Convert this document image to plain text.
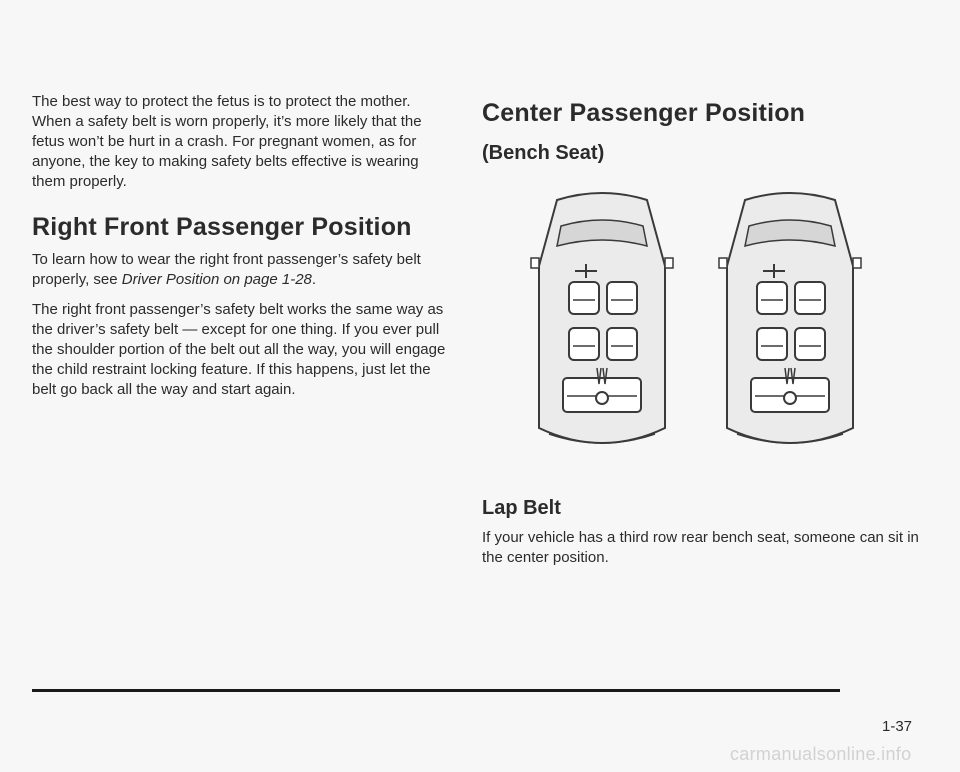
The best way to protect the fetus is to protect the mother. When a safety belt is worn properly, it’s more likely that the fetus won’t be hurt in a crash. For pregnant women, as for anyone, the key to making safety belts effective is wearing them properly.

Right Front Passenger Position

To learn how to wear the right front passenger’s safety belt properly, see Driver Position on page 1-28.

The right front passenger’s safety belt works the same way as the driver’s safety belt — except for one thing. If you ever pull the shoulder portion of the belt out all the way, you will engage the child restraint locking feature. If this happens, just let the belt go back all the way and start again.

Center Passenger Position
(Bench Seat)
Lap Belt

If your vehicle has a third row rear bench seat, someone can sit in the center position.

1-37
carmanualsonline.info
